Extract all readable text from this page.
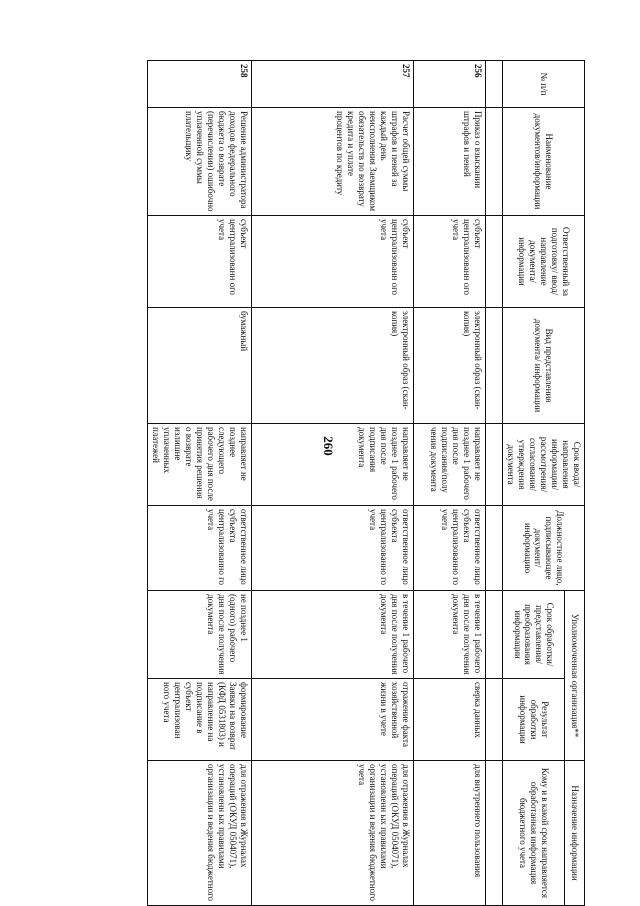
260
№ п/п	Наименование документов/информации	Ответственный за подготовку/ ввод/ направление документа/ информации	Вид представления документа/ информации	Срок ввода/ направления информации/ рассмотрения/ согласования/ утверждения документа	Должностное лицо, подписывающее документ/ информацию	Уполномоченная организация**		Назначение информации
						Срок обработки/ представления/ преобразования информации	Результат обработки информации	Кому и в какой срок направляется обработанная информация бюджетного учета

256	Приказ о взыскании штрафов и пеней	субъект централизованн ого учета	электронный образ (скан-копия)	направляет не позднее 1 рабочего дня после подписания/полу чения документа	ответственное лицо субъекта централизованно го учета	в течение 1 рабочего дня после получения документа	сверка данных	для внутреннего пользования
257	Расчет общей суммы штрафов и пеней за каждый день неисполнения Заемщиком обязательств по возврату кредита и уплате процентов по кредиту	субъект централизованн ого учета	электронный образ (скан-копия)	направляет не позднее 1 рабочего дня после подписания документа	ответственное лицо субъекта централизованно го учета	в течение 1 рабочего дня после получения документа	отражение факта хозяйственной жизни в учете	для отражения в Журналах операций (ОКУД 0504071), установленн ых правилами организации и ведения бюджетного учета
258	Решение администратора доходов федерального бюджета о возврате (перечислении) ошибочно уплаченной суммы плательщику	субъект централизованн ого учета	бумажный	направляет не позднее следующего рабочего дня после принятия решения о возврате излишне уплаченных платежей	ответственное лицо субъекта централизованно го учета	не позднее 1 (одного) рабочего дня после получения документа	формирование Заявки на возврат (КФД 0531803) и направление на подписание в субъект централизован ного учета	для отражения в Журналах операций (ОКУД 0504071), установленн ых правилами организации и ведения бюджетного
